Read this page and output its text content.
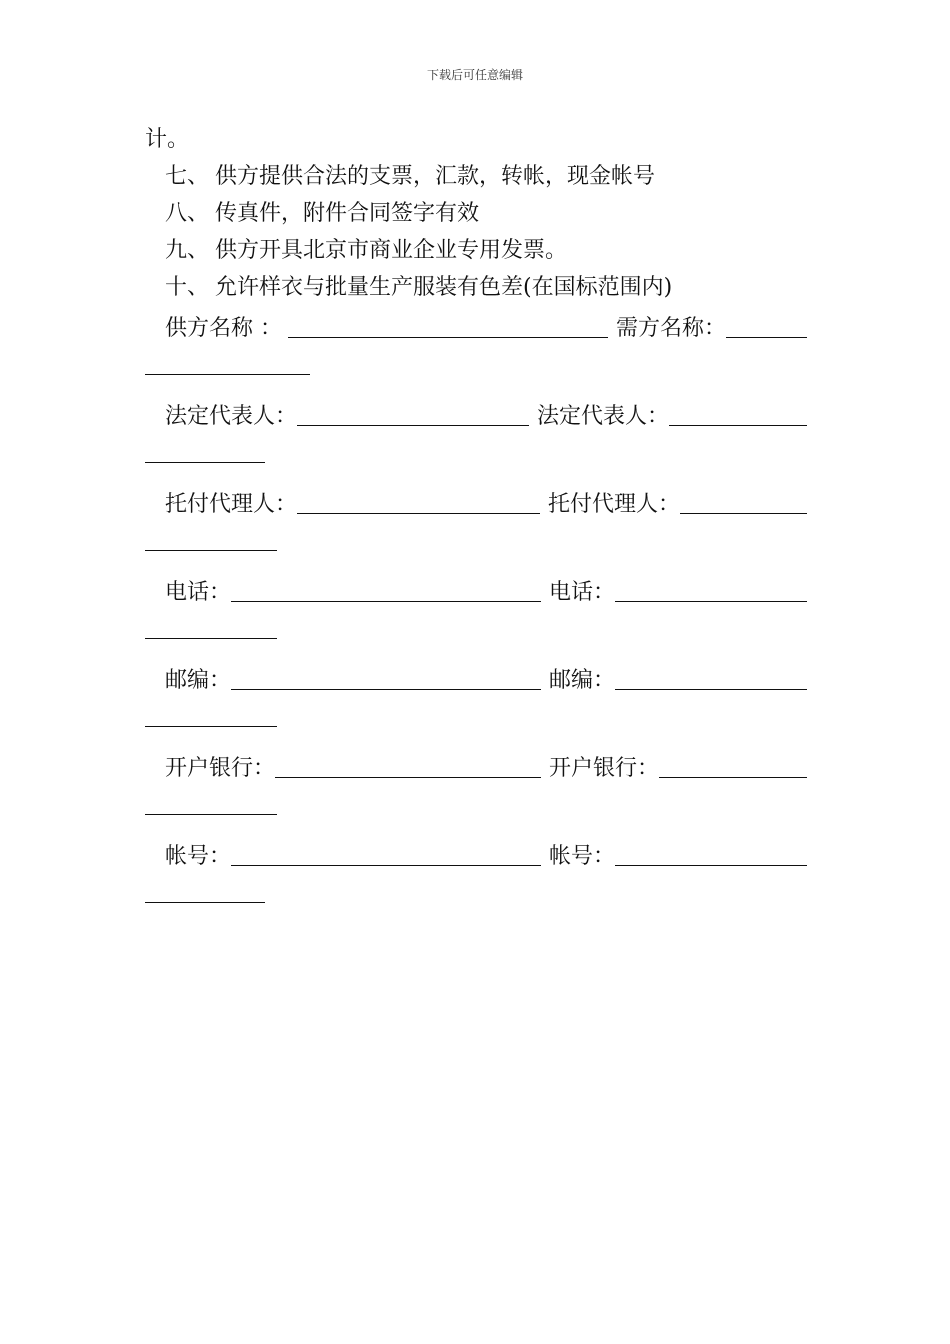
下载后可任意编辑
计。
七、 供方提供合法的支票，汇款，转帐，现金帐号
八、 传真件，附件合同签字有效
九、 供方开具北京市商业企业专用发票。
十、 允许样衣与批量生产服装有色差(在国标范围内)
供方名称 ：	需方名称：
法定代表人：	法定代表人：
托付代理人：	托付代理人：
电话：	电话：
邮编：	邮编：
开户银行：	开户银行：
帐号：	帐号：
